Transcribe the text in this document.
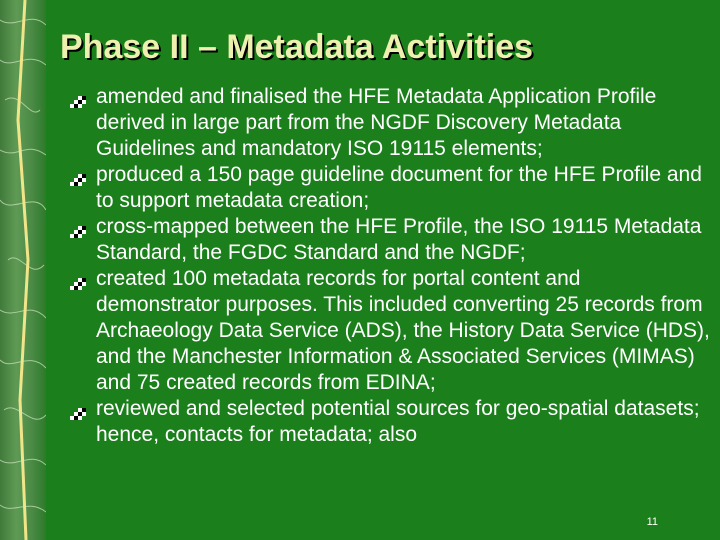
Phase II – Metadata Activities
amended and finalised the HFE Metadata Application Profile derived in large part from the NGDF Discovery Metadata Guidelines and mandatory ISO 19115 elements;
produced a 150 page guideline document for the HFE Profile and to support metadata creation;
cross-mapped between the HFE Profile, the ISO 19115 Metadata Standard, the FGDC Standard and the NGDF;
created 100 metadata records for portal content and demonstrator purposes. This included converting 25 records from Archaeology Data Service (ADS), the History Data Service (HDS), and the Manchester Information & Associated Services (MIMAS) and 75 created records from EDINA;
reviewed and selected potential sources for geo-spatial datasets; hence, contacts for metadata; also
11
